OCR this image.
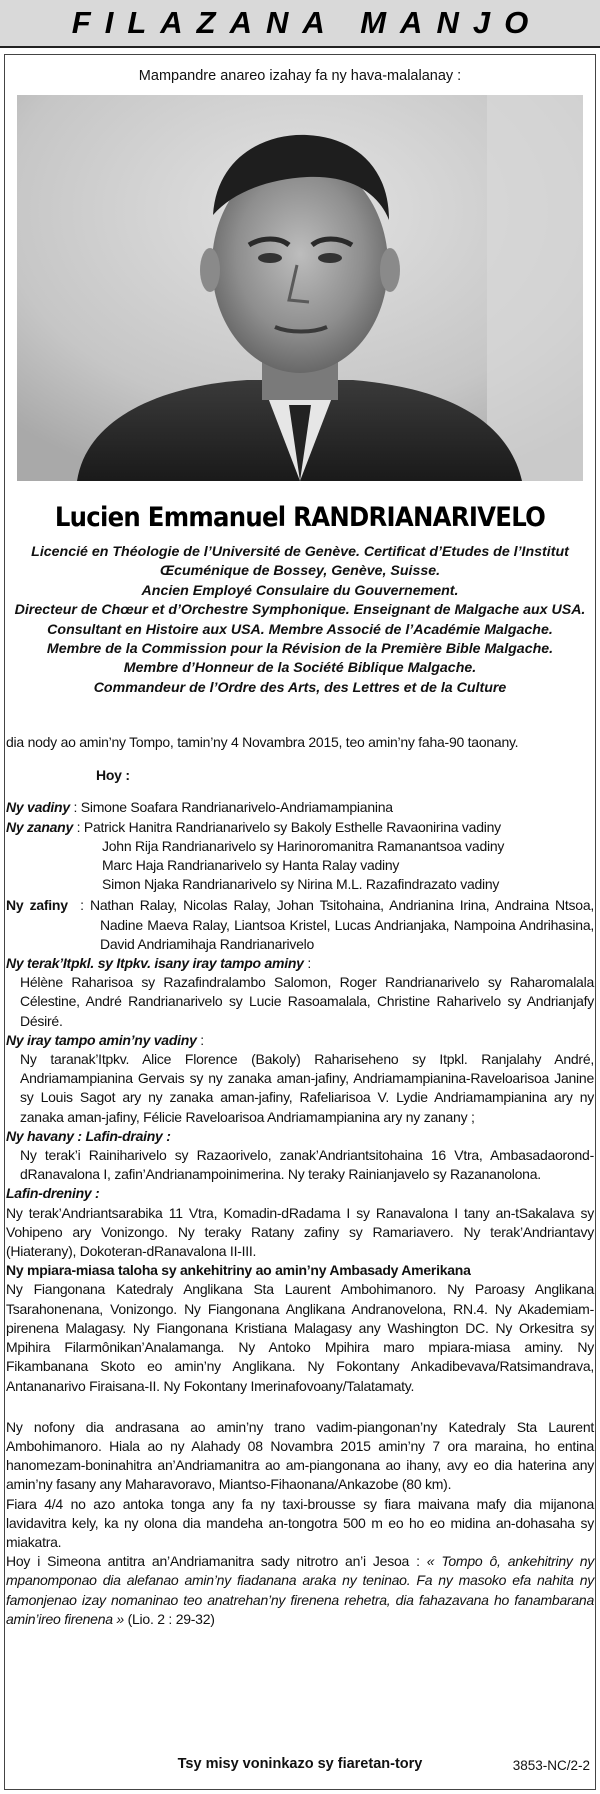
FILAZANA MANJO
Mampandre anareo izahay fa ny hava-malalanay :
Lucien Emmanuel RANDRIANARIVELO
Licencié en Théologie de l’Université de Genève. Certificat d’Etudes de l’Institut
Œcuménique de Bossey, Genève, Suisse.
Ancien Employé Consulaire du Gouvernement.
Directeur de Chœur et d’Orchestre Symphonique. Enseignant de Malgache aux USA.
Consultant en Histoire aux USA. Membre Associé de l’Académie Malgache.
Membre de la Commission pour la Révision de la Première Bible Malgache.
Membre d’Honneur de la Société Biblique Malgache.
Commandeur de l’Ordre des Arts, des Lettres et de la Culture

dia nody ao amin’ny Tompo, tamin’ny 4 Novambra 2015, teo amin’ny faha-90 taonany.

Hoy :

Ny vadiny : Simone Soafara Randrianarivelo-Andriamampianina

Ny zanany : Patrick Hanitra Randrianarivelo sy Bakoly Esthelle Ravaonirina vadiny

John Rija Randrianarivelo sy Harinoromanitra Ramanantsoa vadiny

Marc Haja Randrianarivelo sy Hanta Ralay vadiny

Simon Njaka Randrianarivelo sy Nirina M.L. Razafindrazato vadiny

Ny zafiny : Nathan Ralay, Nicolas Ralay, Johan Tsitohaina, Andrianina Irina, Andraina Ntsoa, Nadine Maeva Ralay, Liantsoa Kristel, Lucas Andrianjaka, Nampoina Andrihasina, David Andriamihaja Randrianarivelo

Ny terak’Itpkl. sy Itpkv. isany iray tampo aminy :

Hélène Raharisoa sy Razafindralambo Salomon, Roger Randrianarivelo sy Raharomalala Célestine, André Randrianarivelo sy Lucie Rasoamalala, Christine Raharivelo sy Andrianjafy Désiré.

Ny iray tampo amin’ny vadiny :

Ny taranak’Itpkv. Alice Florence (Bakoly) Rahariseheno sy Itpkl. Ranjalahy André, Andriamampianina Gervais sy ny zanaka aman-jafiny, Andriamampianina-Raveloarisoa Janine sy Louis Sagot ary ny zanaka aman-jafiny, Rafeliarisoa V. Lydie Andriamampianina ary ny zanaka aman-jafiny, Félicie Raveloarisoa Andriamampianina ary ny zanany ;

Ny havany : Lafin-drainy :

Ny terak’i Rainiharivelo sy Razaorivelo, zanak’Andriantsitohaina 16 Vtra, Ambasadaorond-dRanavalona I, zafin’Andrianampoinimerina. Ny teraky Rainianjavelo sy Razananolona.

Lafin-dreniny :

Ny terak’Andriantsarabika 11 Vtra, Komadin-dRadama I sy Ranavalona I tany an-tSakalava sy Vohipeno ary Vonizongo. Ny teraky Ratany zafiny sy Ramariavero. Ny terak’Andriantavy (Hiaterany), Dokoteran-dRanavalona II-III.

Ny mpiara-miasa taloha sy ankehitriny ao amin’ny Ambasady Amerikana

Ny Fiangonana Katedraly Anglikana Sta Laurent Ambohimanoro. Ny Paroasy Anglikana Tsarahonenana, Vonizongo. Ny Fiangonana Anglikana Andranovelona, RN.4. Ny Akademiam-pirenena Malagasy. Ny Fiangonana Kristiana Malagasy any Washington DC. Ny Orkesitra sy Mpihira Filarmônikan’Analamanga. Ny Antoko Mpihira maro mpiara-miasa aminy. Ny Fikambanana Skoto eo amin’ny Anglikana. Ny Fokontany Ankadibevava/Ratsimandrava, Antananarivo Firaisana-II. Ny Fokontany Imerinafovoany/Talatamaty.

Ny nofony dia andrasana ao amin’ny trano vadim-piangonan’ny Katedraly Sta Laurent Ambohimanoro. Hiala ao ny Alahady 08 Novambra 2015 amin’ny 7 ora maraina, ho entina hanomezam-boninahitra an’Andriamanitra ao am-piangonana ao ihany, avy eo dia haterina any amin’ny fasany any Maharavoravo, Miantso-Fihaonana/Ankazobe (80 km).

Fiara 4/4 no azo antoka tonga any fa ny taxi-brousse sy fiara maivana mafy dia mijanona lavidavitra kely, ka ny olona dia mandeha an-tongotra 500 m eo ho eo midina an-dohasaha sy miakatra.

Hoy i Simeona antitra an’Andriamanitra sady nitrotro an’i Jesoa : « Tompo ô, ankehitriny ny mpanomponao dia alefanao amin’ny fiadanana araka ny teninao. Fa ny masoko efa nahita ny famonjenao izay nomaninao teo anatrehan’ny firenena rehetra, dia fahazavana ho fanambarana amin’ireo firenena » (Lio. 2 : 29-32)

Tsy misy voninkazo sy fiaretan-tory	3853-NC/2-2
